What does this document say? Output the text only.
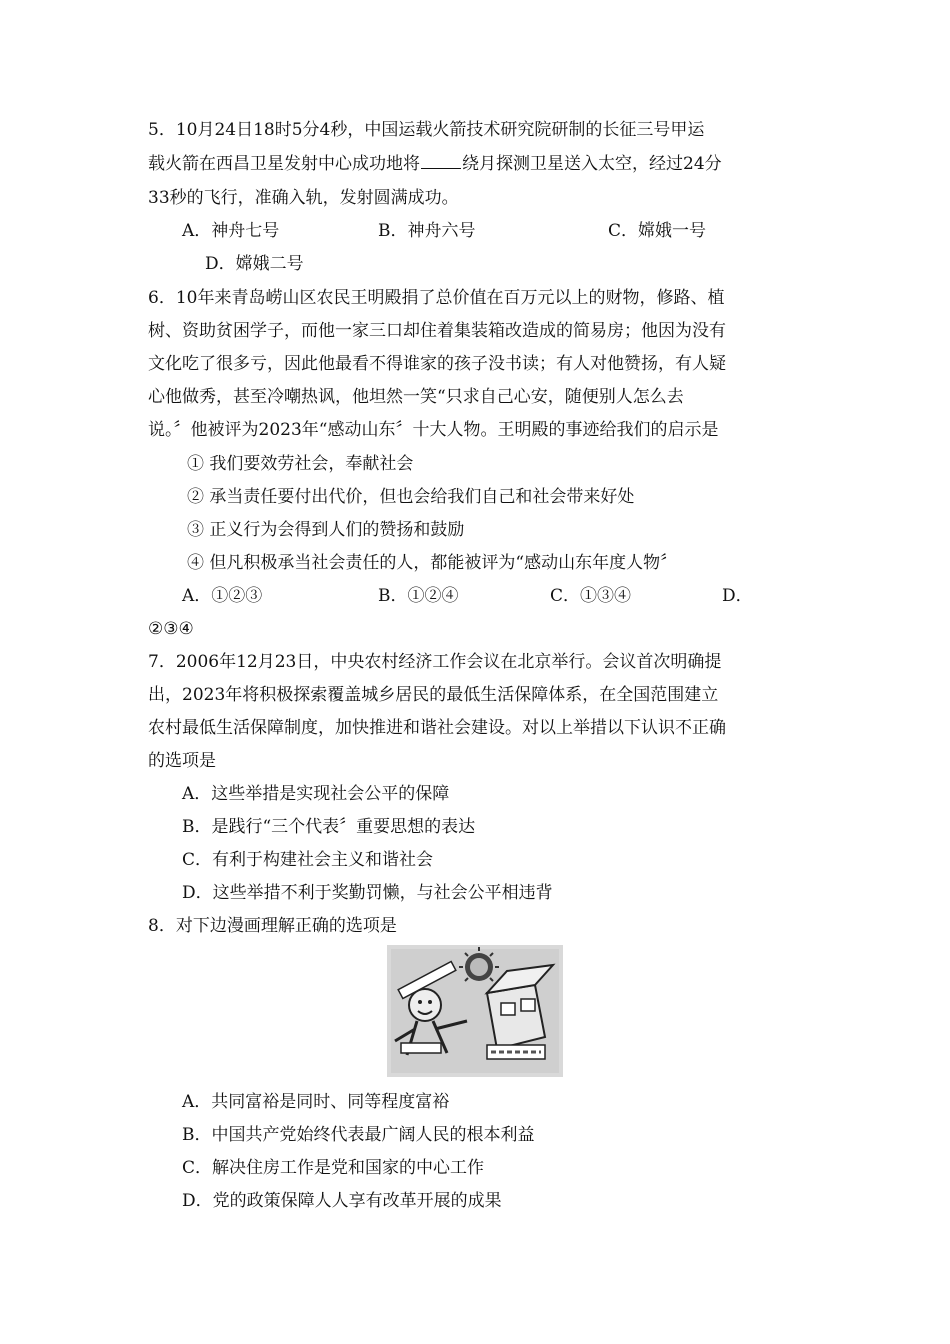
5．10月24日18时5分4秒，中国运载火箭技术研究院研制的长征三号甲运
载火箭在西昌卫星发射中心成功地将 绕月探测卫星送入太空，经过24分
33秒的飞行，准确入轨，发射圆满成功。
A．神舟七号	B．神舟六号	C．嫦娥一号
D．嫦娥二号
6．10年来青岛崂山区农民王明殿捐了总价值在百万元以上的财物，修路、植
树、资助贫困学子，而他一家三口却住着集装箱改造成的简易房；他因为没有
文化吃了很多亏，因此他最看不得谁家的孩子没书读；有人对他赞扬，有人疑
心他做秀，甚至冷嘲热讽，他坦然一笑“只求自己心安，随便别人怎么去
说。〞他被评为2023年“感动山东〞十大人物。王明殿的事迹给我们的启示是
① 我们要效劳社会，奉献社会
② 承当责任要付出代价，但也会给我们自己和社会带来好处
③ 正义行为会得到人们的赞扬和鼓励
④ 但凡积极承当社会责任的人，都能被评为“感动山东年度人物〞
A．①②③	B．①②④	C．①③④	D．
②③④
7．2006年12月23日，中央农村经济工作会议在北京举行。会议首次明确提
出，2023年将积极探索覆盖城乡居民的最低生活保障体系，在全国范围建立
农村最低生活保障制度，加快推进和谐社会建设。对以上举措以下认识不正确
的选项是
A．这些举措是实现社会公平的保障
B．是践行“三个代表〞重要思想的表达
C．有利于构建社会主义和谐社会
D．这些举措不利于奖勤罚懒，与社会公平相违背
8．对下边漫画理解正确的选项是
A．共同富裕是同时、同等程度富裕
B．中国共产党始终代表最广阔人民的根本利益
C．解决住房工作是党和国家的中心工作
D．党的政策保障人人享有改革开展的成果
